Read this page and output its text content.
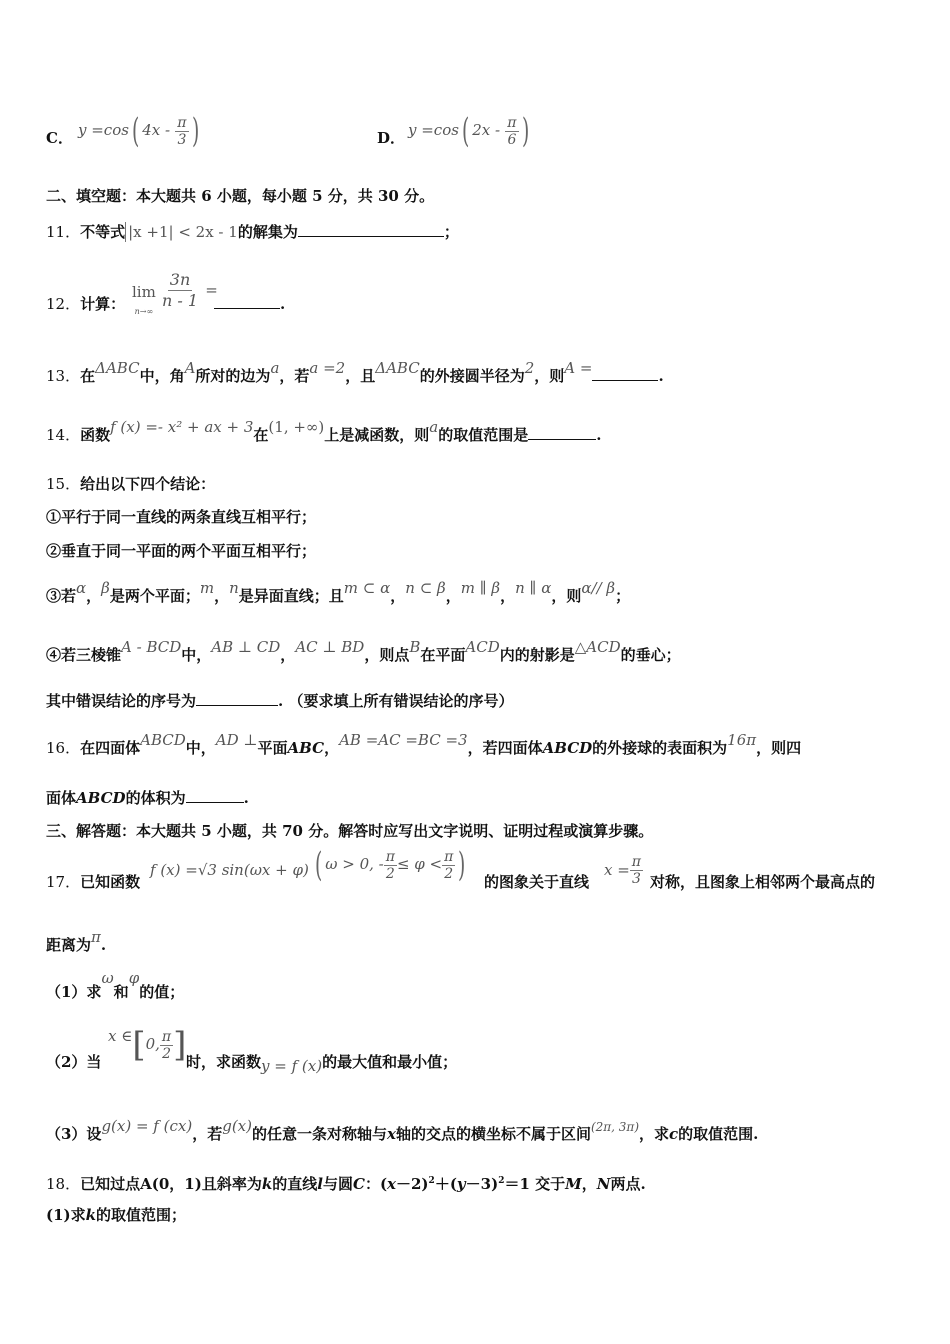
C． y =cos( $4x - \frac{\pi}{3}$ )	D． y =cos( $2x - \frac{\pi}{6}$ )
二、填空题：本大题共 6 小题，每小题 5 分，共 30 分。
11．不等式 |x +1| < 2x - 1的解集为	；
12．计算：
lim
n→∞
$\frac{3n}{n - 1}$ =
.
13．在ΔABC中，角A所对的边为a，若a =2，且ΔABC的外接圆半径为2，则A =	.
14．函数f (x) =- x² + ax + 3在(1, +∞)上是减函数，则a的取值范围是	.
15．给出以下四个结论：
①平行于同一直线的两条直线互相平行；
②垂直于同一平面的两个平面互相平行；
③若α，β是两个平面；m，n是异面直线；且m ⊂ α，n ⊂ β，m ∥ β，n ∥ α，则α// β；
④若三棱锥A - BCD中，AB ⊥ CD，AC ⊥ BD，则点B在平面ACD内的射影是△ACD的垂心；
其中错误结论的序号为	. （要求填上所有错误结论的序号）
16．在四面体ABCD中，AD ⊥平面ABC，AB =AC =BC =3，若四面体ABCD的外接球的表面积为16π，则四
面体ABCD的体积为	.
三、解答题：本大题共 5 小题，共 70 分。解答时应写出文字说明、证明过程或演算步骤。
17．已知函数
f (x) =√3 sin(ωx + φ) ( ω > 0, - $\frac{\pi}{2} \le \varphi < \frac{\pi}{2}$ ) 的图象关于直线
$x = \frac{\pi}{3}$ 对称，且图象上相邻两个最高点的
距离为π.
（1）求ω和φ的值；
（2）当
x ∈[0, $\frac{\pi}{2}$ ] 时，求函数y = f (x)的最大值和最小值；
（3）设g(x) = f (cx)，若g(x)的任意一条对称轴与x轴的交点的横坐标不属于区间(2π, 3π)，求c的取值范围.
18．已知过点A(0，1)且斜率为k的直线l与圆C：$(x-2)^2+(y-3)^2=1$ 交于M，N两点.
(1)求k的取值范围；
